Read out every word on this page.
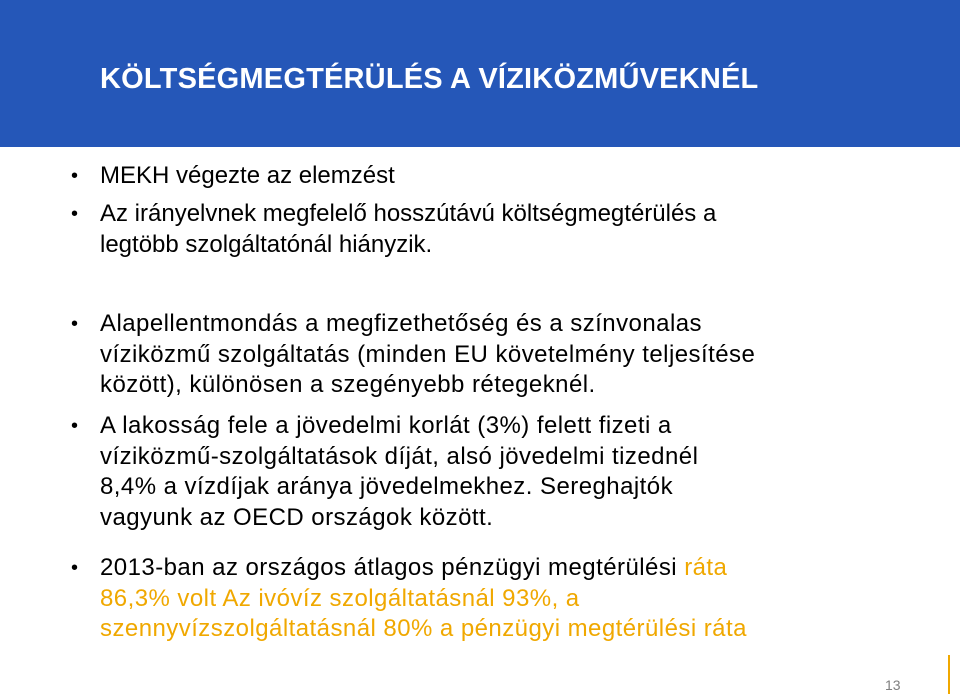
KÖLTSÉGMEGTÉRÜLÉS A VÍZIKÖZMŰVEKNÉL
• MEKH végezte az elemzést
• Az irányelvnek megfelelő hosszútávú költségmegtérülés a
legtöbb szolgáltatónál hiányzik.
• Alapellentmondás a megfizethetőség és a színvonalas
víziközmű szolgáltatás (minden EU követelmény teljesítése
között), különösen a szegényebb rétegeknél.
• A lakosság fele a jövedelmi korlát (3%) felett fizeti a
víziközmű-szolgáltatások díját, alsó jövedelmi tizednél
8,4% a vízdíjak aránya jövedelmekhez. Sereghajtók
vagyunk az OECD országok között.
• 2013-ban az országos átlagos pénzügyi megtérülési ráta
86,3% volt Az ivóvíz szolgáltatásnál 93%, a
szennyvízszolgáltatásnál 80% a pénzügyi megtérülési ráta
13
